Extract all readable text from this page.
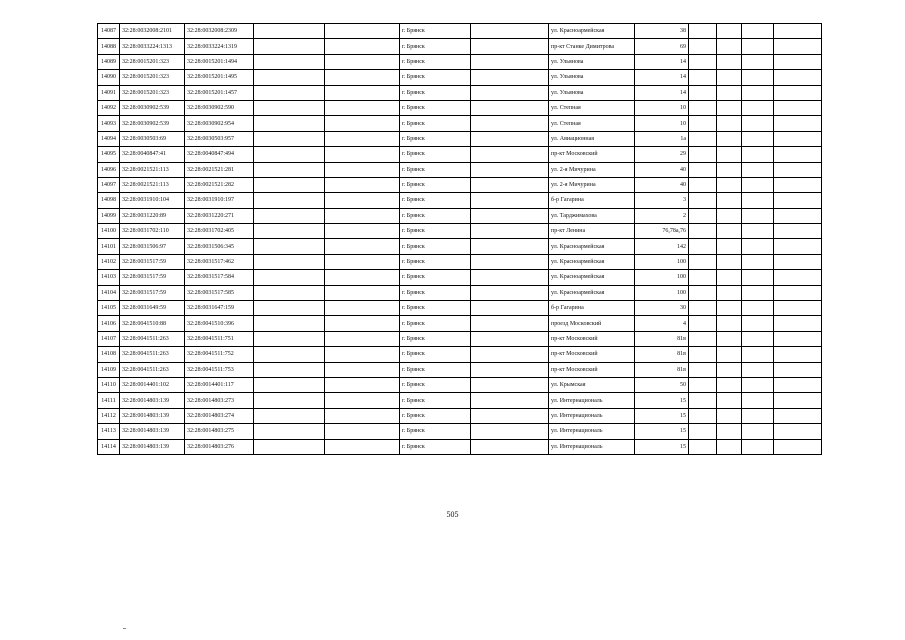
14087	32:28:0032008:2101	32:28:0032008:2309			г. Брянск		ул. Красноармейская	38				
14088	32:28:0033224:1313	32:28:0033224:1319			г. Брянск		пр-кт Станке Димитрова	69				
14089	32:28:0015201:323	32:28:0015201:1494			г. Брянск		ул. Ульянова	14				
14090	32:28:0015201:323	32:28:0015201:1495			г. Брянск		ул. Ульянова	14				
14091	32:28:0015201:323	32:28:0015201:1457			г. Брянск		ул. Ульянова	14				
14092	32:28:0030902:539	32:28:0030902:590			г. Брянск		ул. Степная	10				
14093	32:28:0030902:539	32:28:0030902:954			г. Брянск		ул. Степная	10				
14094	32:28:0030503:69	32:28:0030503:957			г. Брянск		ул. Авиационная	1а				
14095	32:28:0040847:41	32:28:0040847:494			г. Брянск		пр-кт Московский	29				
14096	32:28:0021521:113	32:28:0021521:281			г. Брянск		ул. 2-я Мичурина	40				
14097	32:28:0021521:113	32:28:0021521:282			г. Брянск		ул. 2-я Мичурина	40				
14098	32:28:0031910:104	32:28:0031910:197			г. Брянск		б-р Гагарина	3				
14099	32:28:0031220:89	32:28:0031220:271			г. Брянск		ул. Тарджимахова	2				
14100	32:28:0031702:110	32:28:0031702:405			г. Брянск		пр-кт Ленина	76,78а,76				
14101	32:28:0031506:97	32:28:0031506:345			г. Брянск		ул. Красноармейская	142				
14102	32:28:0031517:59	32:28:0031517:462			г. Брянск		ул. Красноармейская	100				
14103	32:28:0031517:59	32:28:0031517:584			г. Брянск		ул. Красноармейская	100				
14104	32:28:0031517:59	32:28:0031517:585			г. Брянск		ул. Красноармейская	100				
14105	32:28:0031649:59	32:28:0031647:159			г. Брянск		б-р Гагарина	30				
14106	32:28:0041510:88	32:28:0041510:396			г. Брянск		проезд Московский	4				
14107	32:28:0041511:263	32:28:0041511:751			г. Брянск		пр-кт Московский	81в				
14108	32:28:0041511:263	32:28:0041511:752			г. Брянск		пр-кт Московский	81в				
14109	32:28:0041511:263	32:28:0041511:753			г. Брянск		пр-кт Московский	81в				
14110	32:28:0014401:102	32:28:0014401:117			г. Брянск		ул. Крымская	50				
14111	32:28:0014803:139	32:28:0014803:273			г. Брянск		ул. Интернациональ	15				
14112	32:28:0014803:139	32:28:0014803:274			г. Брянск		ул. Интернациональ	15				
14113	32:28:0014803:139	32:28:0014803:275			г. Брянск		ул. Интернациональ	15				
14114	32:28:0014803:139	32:28:0014803:276			г. Брянск		ул. Интернациональ	15				
505
